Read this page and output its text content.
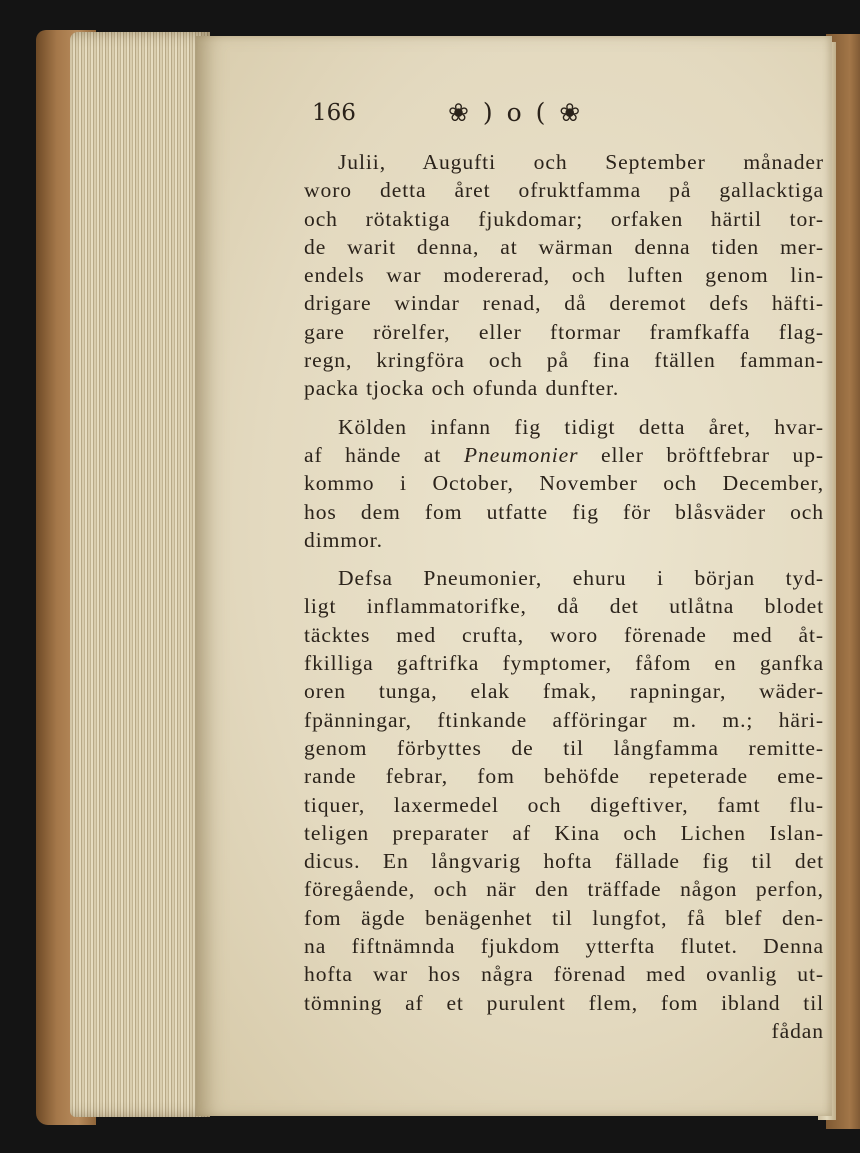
166	❀ ) o ( ❀
Julii, Augufti och September månader
woro detta året ofruktfamma på gallacktiga
och rötaktiga fjukdomar; orfaken härtil tor-
de warit denna, at wärman denna tiden mer-
endels war modererad, och luften genom lin-
drigare windar renad, då deremot defs häfti-
gare rörelfer, eller ftormar framfkaffa flag-
regn, kringföra och på fina ftällen famman-
packa tjocka och ofunda dunfter.
Kölden infann fig tidigt detta året, hvar-
af hände at Pneumonier eller bröftfebrar up-
kommo i October, November och December,
hos dem fom utfatte fig för blåsväder och
dimmor.
Defsa Pneumonier, ehuru i början tyd-
ligt inflammatorifke, då det utlåtna blodet
täcktes med crufta, woro förenade med åt-
fkilliga gaftrifka fymptomer, fåfom en ganfka
oren tunga, elak fmak, rapningar, wäder-
fpänningar, ftinkande afföringar m. m.; häri-
genom förbyttes de til långfamma remitte-
rande febrar, fom behöfde repeterade eme-
tiquer, laxermedel och digeftiver, famt flu-
teligen preparater af Kina och Lichen Islan-
dicus. En långvarig hofta fällade fig til det
föregående, och när den träffade någon perfon,
fom ägde benägenhet til lungfot, få blef den-
na fiftnämnda fjukdom ytterfta flutet. Denna
hofta war hos några förenad med ovanlig ut-
tömning af et purulent flem, fom ibland til
fådan
